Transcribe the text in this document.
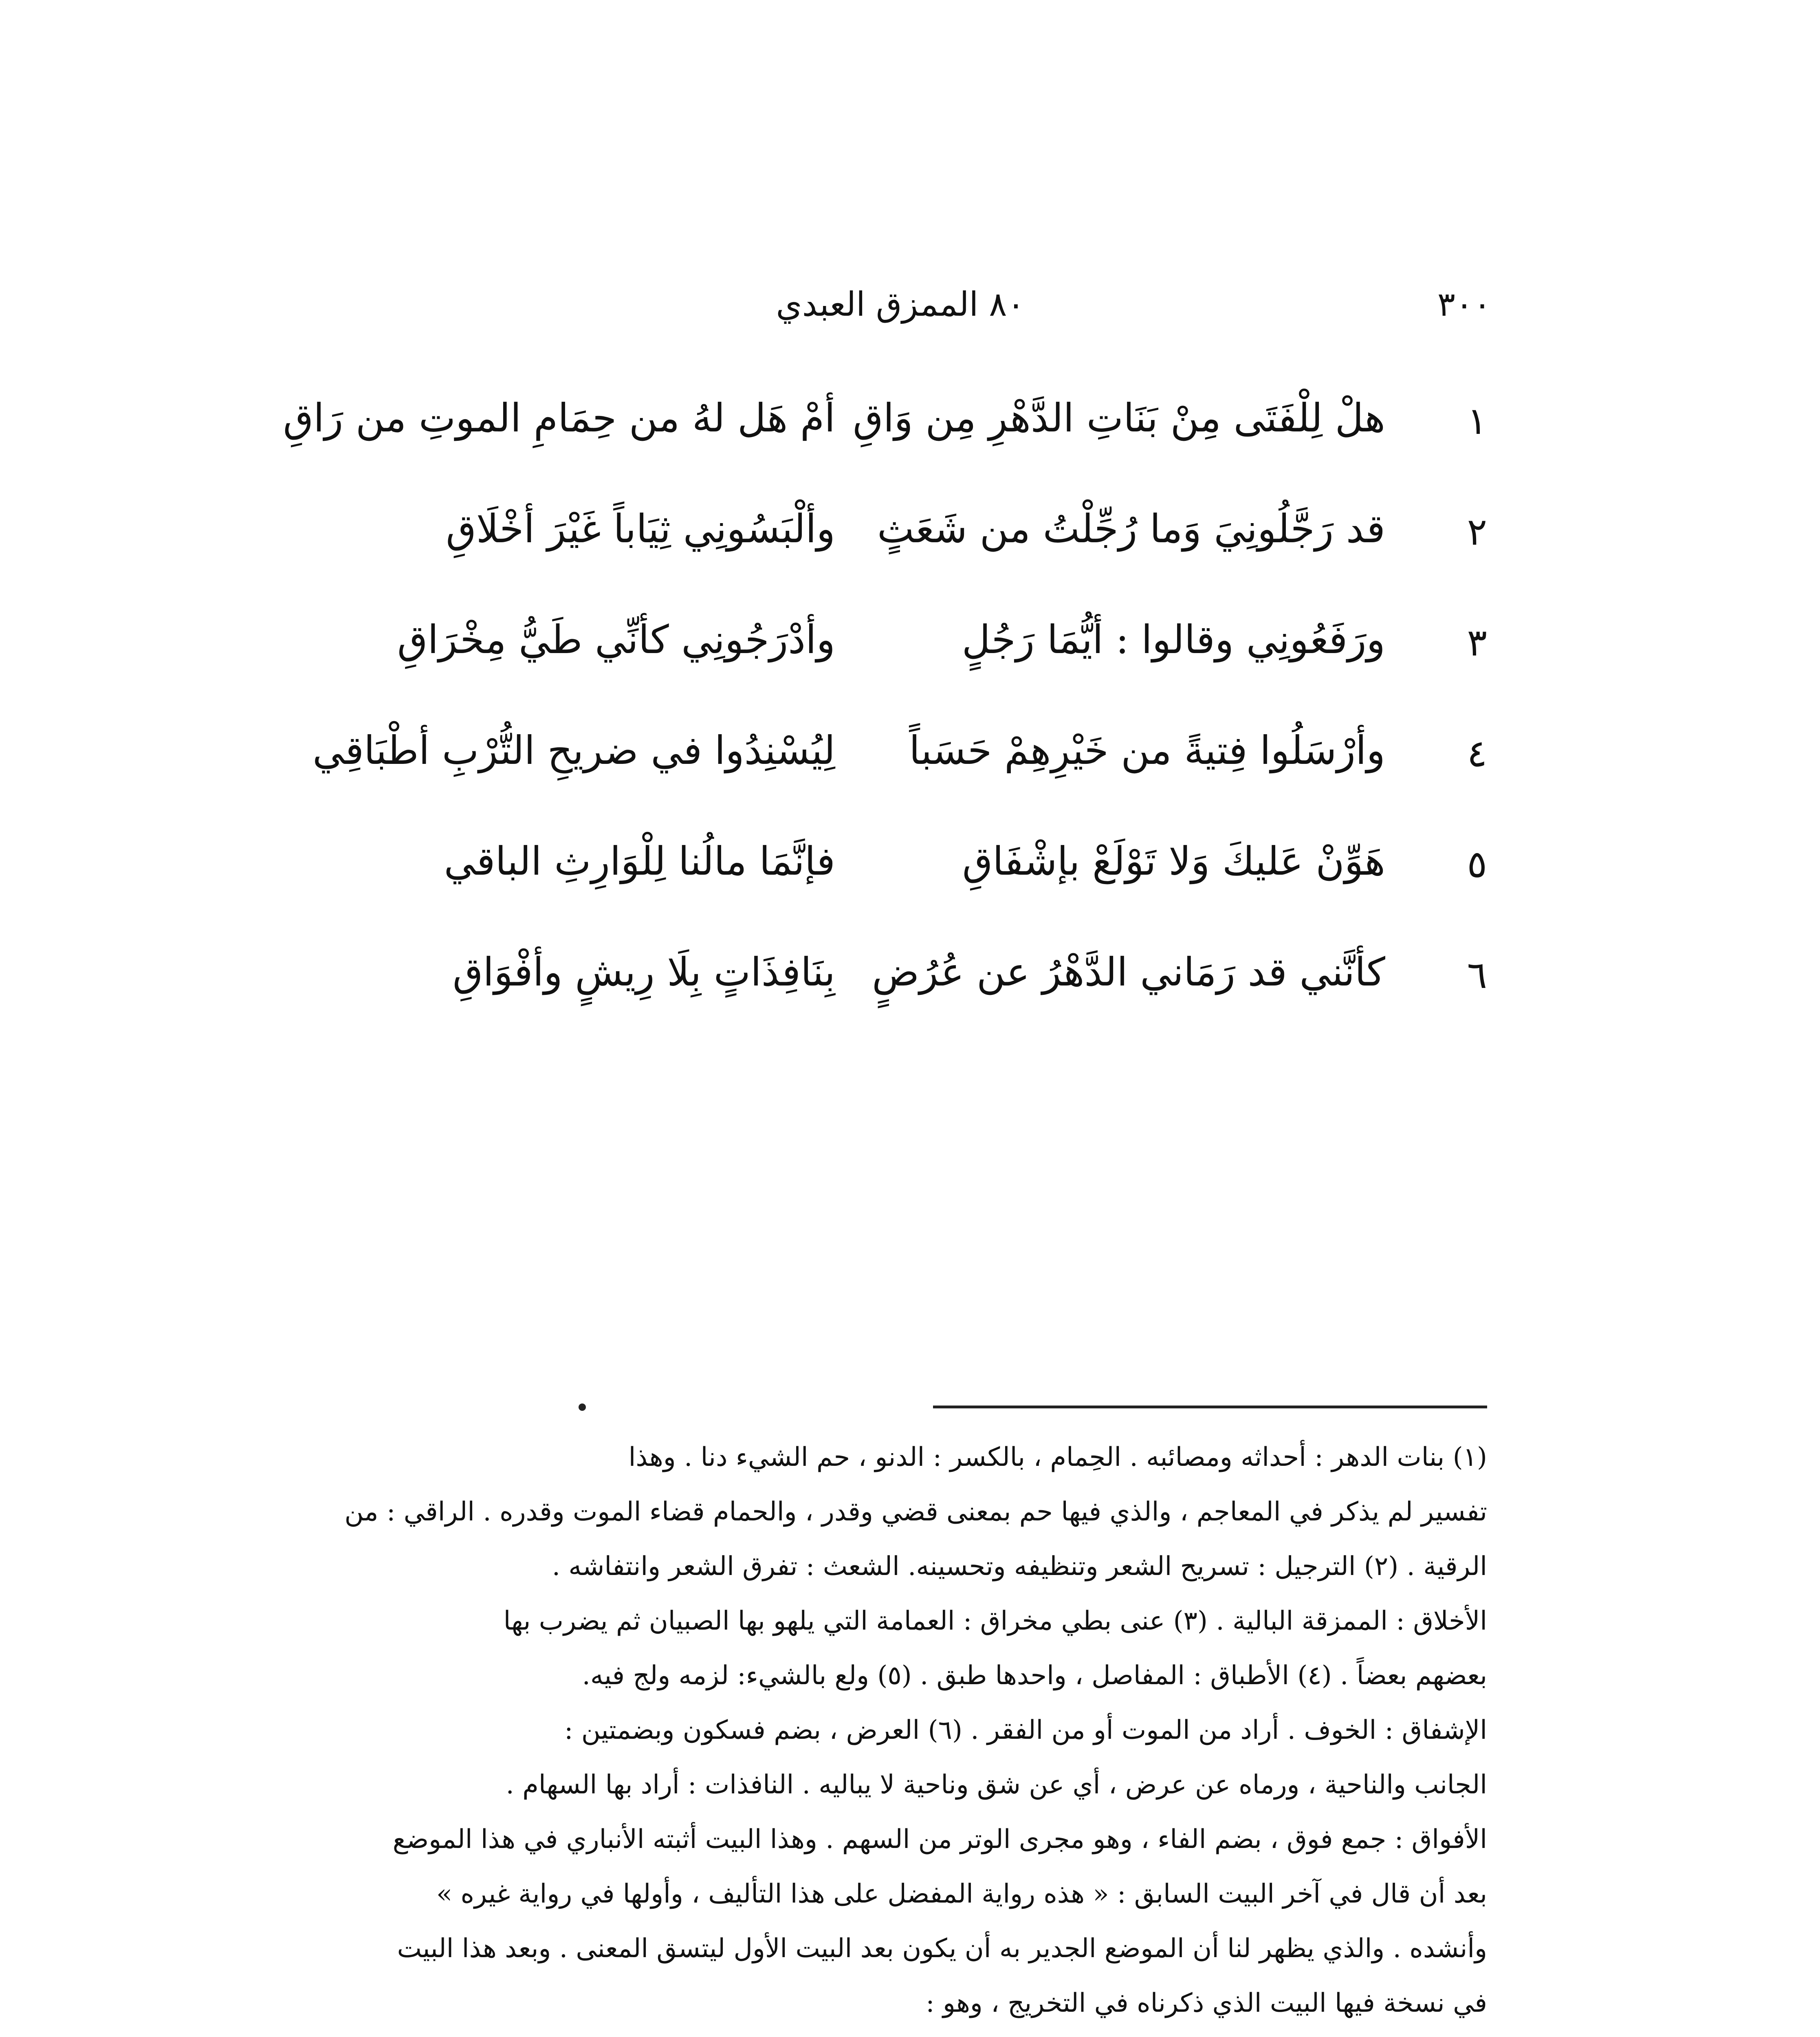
٣٠٠
٨٠ الممزق العبدي
١
هلْ لِلْفَتَى مِنْ بَنَاتِ الدَّهْرِ مِن وَاقِ
أمْ هَل لهُ من حِمَامِ الموتِ من رَاقِ
٢
قد رَجَّلُونِيَ وَما رُجِّلْتُ من شَعَثٍ
وألْبَسُونِي ثِيَاباً غَيْرَ أخْلَاقِ
٣
ورَفَعُونِي وقالوا : أيُّمَا رَجُلٍ
وأدْرَجُونِي كأنِّي طَيُّ مِخْرَاقِ
٤
وأرْسَلُوا فِتيةً من خَيْرِهِمْ حَسَباً
لِيُسْنِدُوا في ضريحِ التُّرْبِ أطْبَاقِي
٥
هَوِّنْ عَليكَ وَلا تَوْلَعْ بإشْفَاقِ
فإنَّمَا مالُنا لِلْوَارِثِ الباقي
٦
كأنَّني قد رَمَاني الدَّهْرُ عن عُرُضٍ
بِنَافِذَاتٍ بِلَا رِيشٍ وأفْوَاقِ
(١) بنات الدهر : أحداثه ومصائبه . الحِمام ، بالكسر : الدنو ، حم الشيء دنا . وهذا
تفسير لم يذكر في المعاجم ، والذي فيها حم بمعنى قضي وقدر ، والحمام قضاء الموت وقدره . الراقي : من
الرقية . (٢) الترجيل : تسريح الشعر وتنظيفه وتحسينه. الشعث : تفرق الشعر وانتفاشه .
الأخلاق : الممزقة البالية . (٣) عنى بطي مخراق : العمامة التي يلهو بها الصبيان ثم يضرب بها
بعضهم بعضاً . (٤) الأطباق : المفاصل ، واحدها طبق . (٥) ولع بالشيء: لزمه ولج فيه.
الإشفاق : الخوف . أراد من الموت أو من الفقر . (٦) العرض ، بضم فسكون وبضمتين :
الجانب والناحية ، ورماه عن عرض ، أي عن شق وناحية لا يباليه . النافذات : أراد بها السهام .
الأفواق : جمع فوق ، بضم الفاء ، وهو مجرى الوتر من السهم . وهذا البيت أثبته الأنباري في هذا الموضع
بعد أن قال في آخر البيت السابق : « هذه رواية المفضل على هذا التأليف ، وأولها في رواية غيره »
وأنشده . والذي يظهر لنا أن الموضع الجدير به أن يكون بعد البيت الأول ليتسق المعنى . وبعد هذا البيت
في نسخة فيها البيت الذي ذكرناه في التخريج ، وهو :
